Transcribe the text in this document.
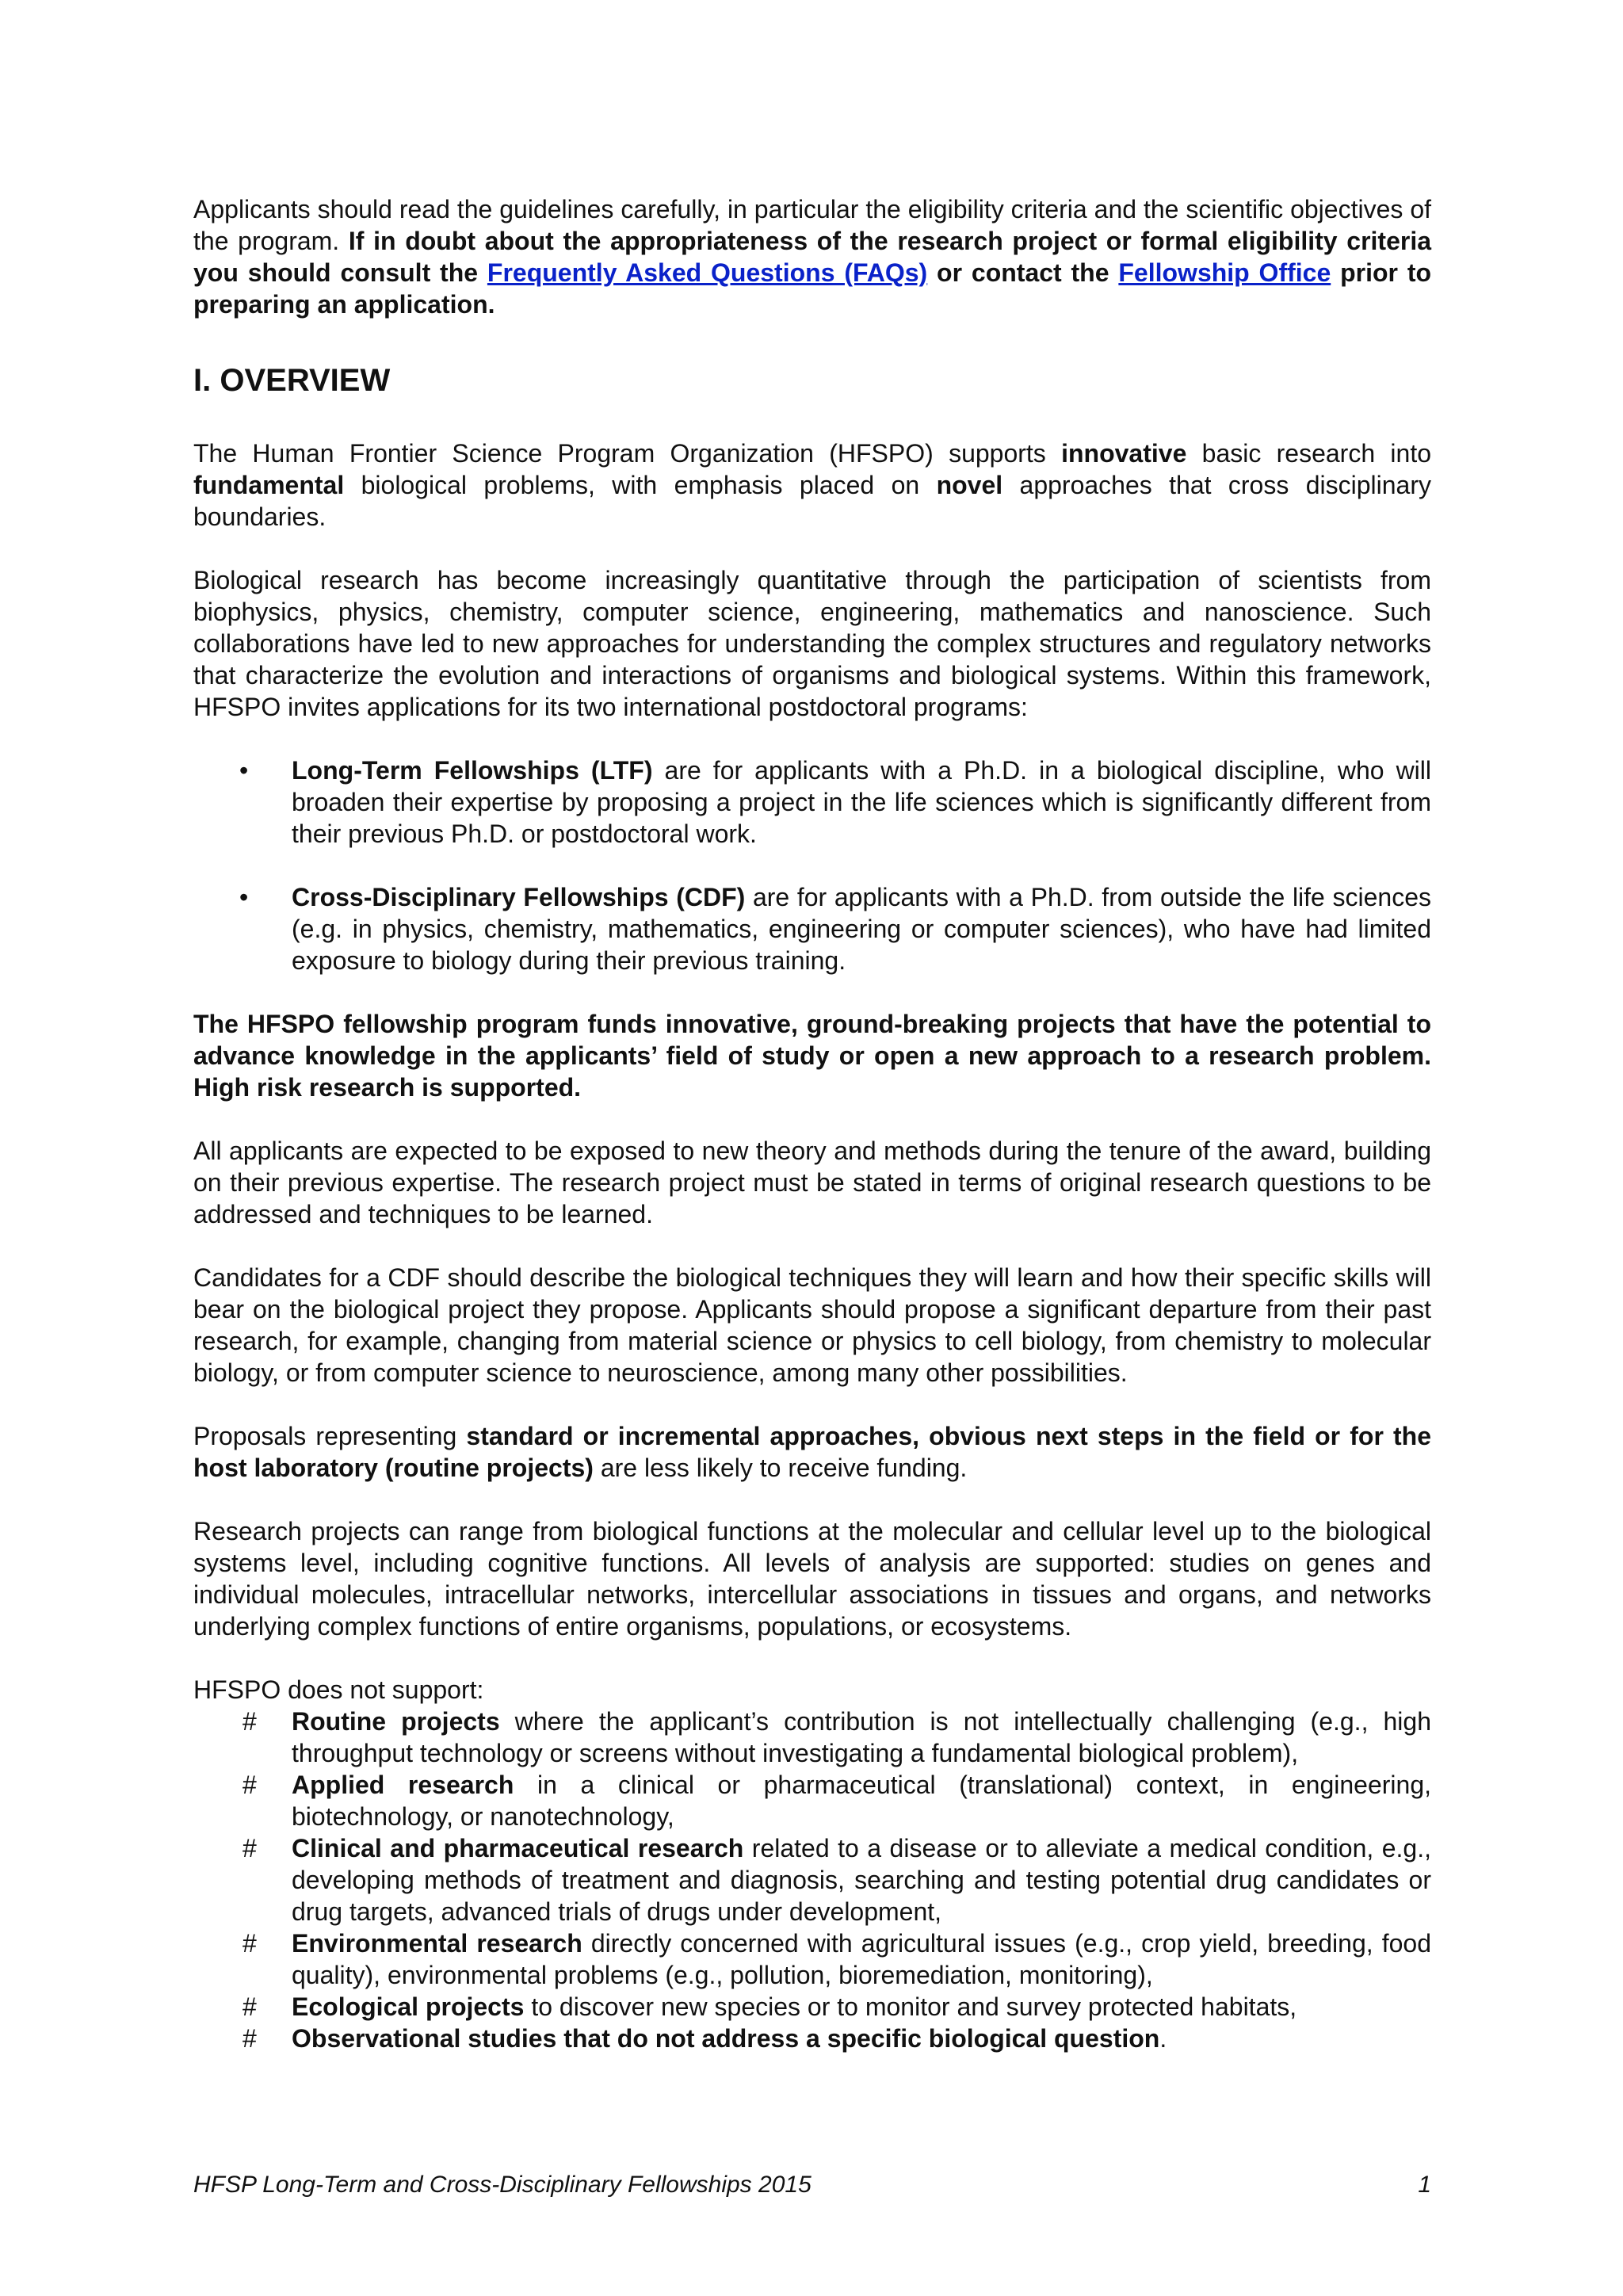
Applicants should read the guidelines carefully, in particular the eligibility criteria and the scientific objectives of the program. If in doubt about the appropriateness of the research project or formal eligibility criteria you should consult the Frequently Asked Questions (FAQs) or contact the Fellowship Office prior to preparing an application.

I. OVERVIEW

The Human Frontier Science Program Organization (HFSPO) supports innovative basic research into fundamental biological problems, with emphasis placed on novel approaches that cross disciplinary boundaries.

Biological research has become increasingly quantitative through the participation of scientists from biophysics, physics, chemistry, computer science, engineering, mathematics and nanoscience. Such collaborations have led to new approaches for understanding the complex structures and regulatory networks that characterize the evolution and interactions of organisms and biological systems. Within this framework, HFSPO invites applications for its two international postdoctoral programs:

•	Long-Term Fellowships (LTF) are for applicants with a Ph.D. in a biological discipline, who will broaden their expertise by proposing a project in the life sciences which is significantly different from their previous Ph.D. or postdoctoral work.
•	Cross-Disciplinary Fellowships (CDF) are for applicants with a Ph.D. from outside the life sciences (e.g. in physics, chemistry, mathematics, engineering or computer sciences), who have had limited exposure to biology during their previous training.

The HFSPO fellowship program funds innovative, ground-breaking projects that have the potential to advance knowledge in the applicants’ field of study or open a new approach to a research problem. High risk research is supported.

All applicants are expected to be exposed to new theory and methods during the tenure of the award, building on their previous expertise. The research project must be stated in terms of original research questions to be addressed and techniques to be learned.

Candidates for a CDF should describe the biological techniques they will learn and how their specific skills will bear on the biological project they propose. Applicants should propose a significant departure from their past research, for example, changing from material science or physics to cell biology, from chemistry to molecular biology, or from computer science to neuroscience, among many other possibilities.

Proposals representing standard or incremental approaches, obvious next steps in the field or for the host laboratory (routine projects) are less likely to receive funding.

Research projects can range from biological functions at the molecular and cellular level up to the biological systems level, including cognitive functions. All levels of analysis are supported: studies on genes and individual molecules, intracellular networks, intercellular associations in tissues and organs, and networks underlying complex functions of entire organisms, populations, or ecosystems.

HFSPO does not support:

#	Routine projects where the applicant’s contribution is not intellectually challenging (e.g., high throughput technology or screens without investigating a fundamental biological problem),
#	Applied research in a clinical or pharmaceutical (translational) context, in engineering, biotechnology, or nanotechnology,
#	Clinical and pharmaceutical research related to a disease or to alleviate a medical condition, e.g., developing methods of treatment and diagnosis, searching and testing potential drug candidates or drug targets, advanced trials of drugs under development,
#	Environmental research directly concerned with agricultural issues (e.g., crop yield, breeding, food quality), environmental problems (e.g., pollution, bioremediation, monitoring),
#	Ecological projects to discover new species or to monitor and survey protected habitats,
#	Observational studies that do not address a specific biological question.
HFSP Long-Term and Cross-Disciplinary Fellowships 2015	1
